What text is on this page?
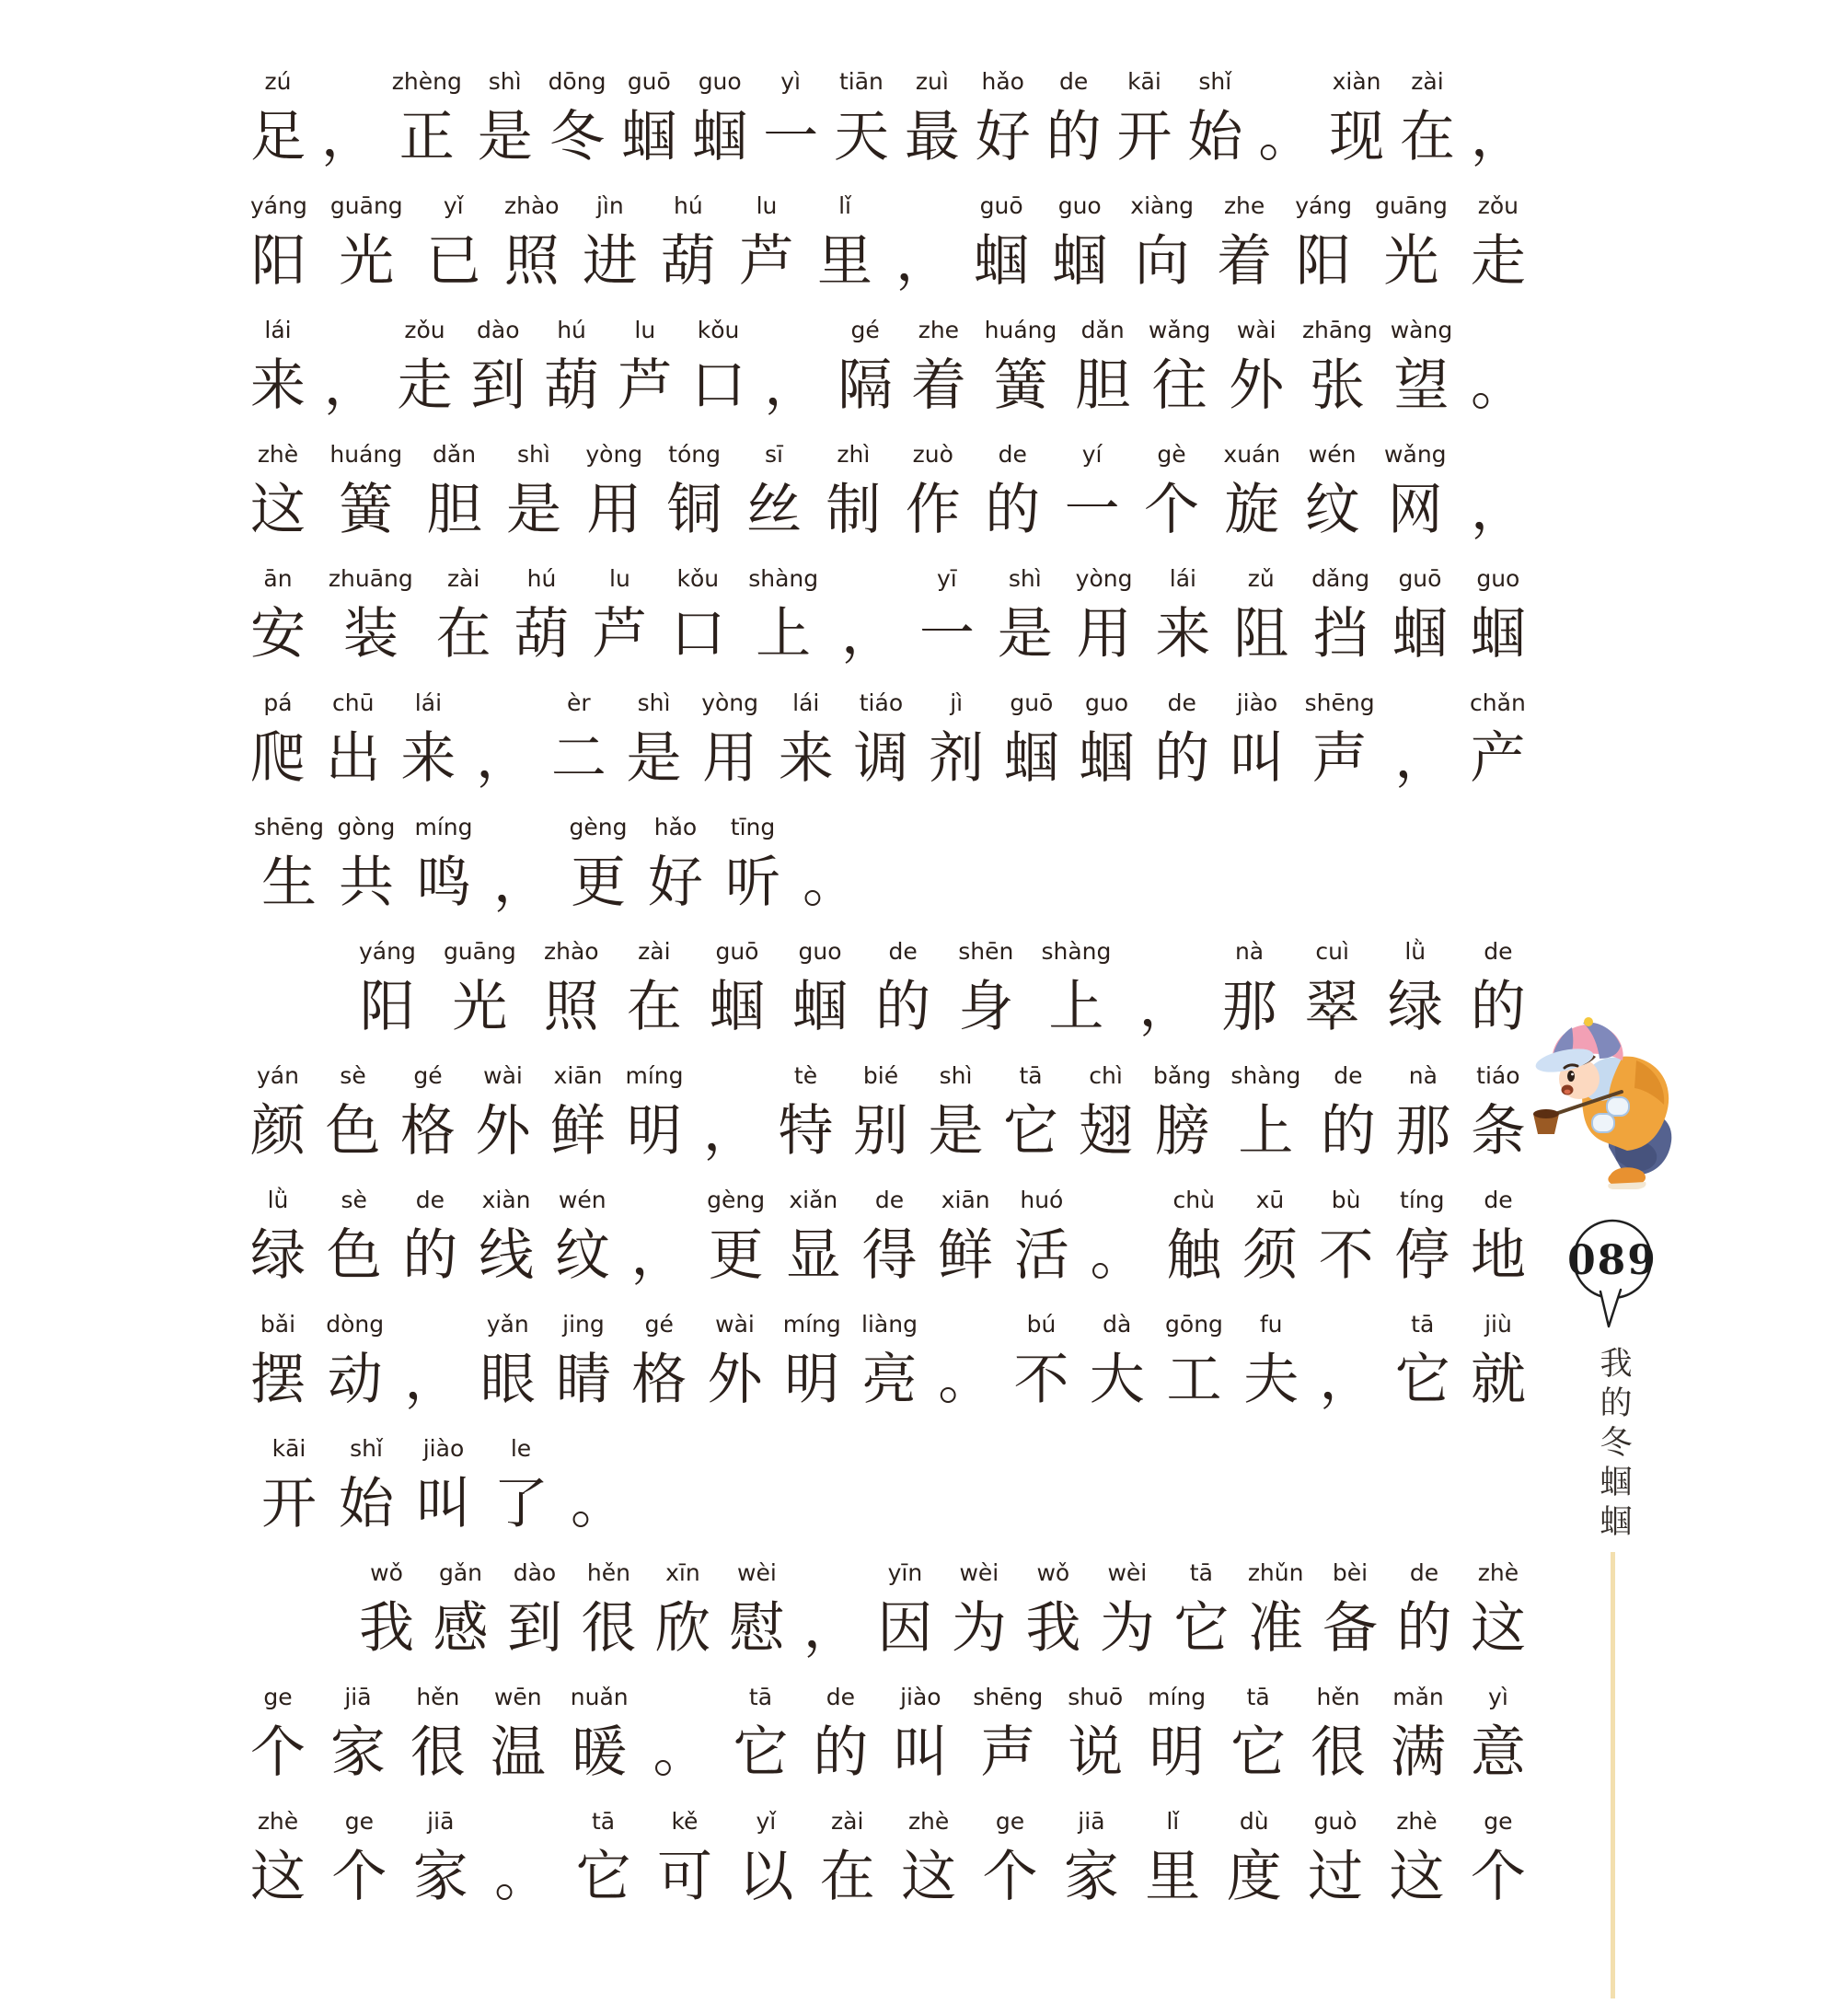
zú
足 ，
zhèng
正
shì
是
dōng
冬
guō
蝈
guo
蝈
yì
一
tiān
天
zuì
最
hǎo
好
de
的
kāi
开
shǐ
始 。
xiàn
现
zài
在 ，
yáng
阳
guāng
光
yǐ
已
zhào
照
jìn
进
hú
葫
lu
芦
lǐ
里 ，
guō
蝈
guo
蝈
xiàng
向
zhe
着
yáng
阳
guāng
光
zǒu
走
lái
来 ，
zǒu
走
dào
到
hú
葫
lu
芦
kǒu
口 ，
gé
隔
zhe
着
huáng
簧
dǎn
胆
wǎng
往
wài
外
zhāng
张
wàng
望 。
zhè
这
huáng
簧
dǎn
胆
shì
是
yòng
用
tóng
铜
sī
丝
zhì
制
zuò
作
de
的
yí
一
gè
个
xuán
旋
wén
纹
wǎng
网 ，
ān
安
zhuāng
装
zài
在
hú
葫
lu
芦
kǒu
口
shàng
上 ，
yī
一
shì
是
yòng
用
lái
来
zǔ
阻
dǎng
挡
guō
蝈
guo
蝈
pá
爬
chū
出
lái
来 ，
èr
二
shì
是
yòng
用
lái
来
tiáo
调
jì
剂
guō
蝈
guo
蝈
de
的
jiào
叫
shēng
声 ，
chǎn
产
shēng
生
gòng
共
míng
鸣 ，
gèng
更
hǎo
好
tīng
听 。
yáng
阳
guāng
光
zhào
照
zài
在
guō
蝈
guo
蝈
de
的
shēn
身
shàng
上 ，
nà
那
cuì
翠
lǜ
绿
de
的
yán
颜
sè
色
gé
格
wài
外
xiān
鲜
míng
明 ，
tè
特
bié
别
shì
是
tā
它
chì
翅
bǎng
膀
shàng
上
de
的
nà
那
tiáo
条
lǜ
绿
sè
色
de
的
xiàn
线
wén
纹 ，
gèng
更
xiǎn
显
de
得
xiān
鲜
huó
活 。
chù
触
xū
须
bù
不
tíng
停
de
地
bǎi
摆
dòng
动 ，
yǎn
眼
jing
睛
gé
格
wài
外
míng
明
liàng
亮 。
bú
不
dà
大
gōng
工
fu
夫 ，
tā
它
jiù
就
kāi
开
shǐ
始
jiào
叫
le
了 。
wǒ
我
gǎn
感
dào
到
hěn
很
xīn
欣
wèi
慰 ，
yīn
因
wèi
为
wǒ
我
wèi
为
tā
它
zhǔn
准
bèi
备
de
的
zhè
这
ge
个
jiā
家
hěn
很
wēn
温
nuǎn
暖 。
tā
它
de
的
jiào
叫
shēng
声
shuō
说
míng
明
tā
它
hěn
很
mǎn
满
yì
意
zhè
这
ge
个
jiā
家 。
tā
它
kě
可
yǐ
以
zài
在
zhè
这
ge
个
jiā
家
lǐ
里
dù
度
guò
过
zhè
这
ge
个
089
我的冬蝈蝈
